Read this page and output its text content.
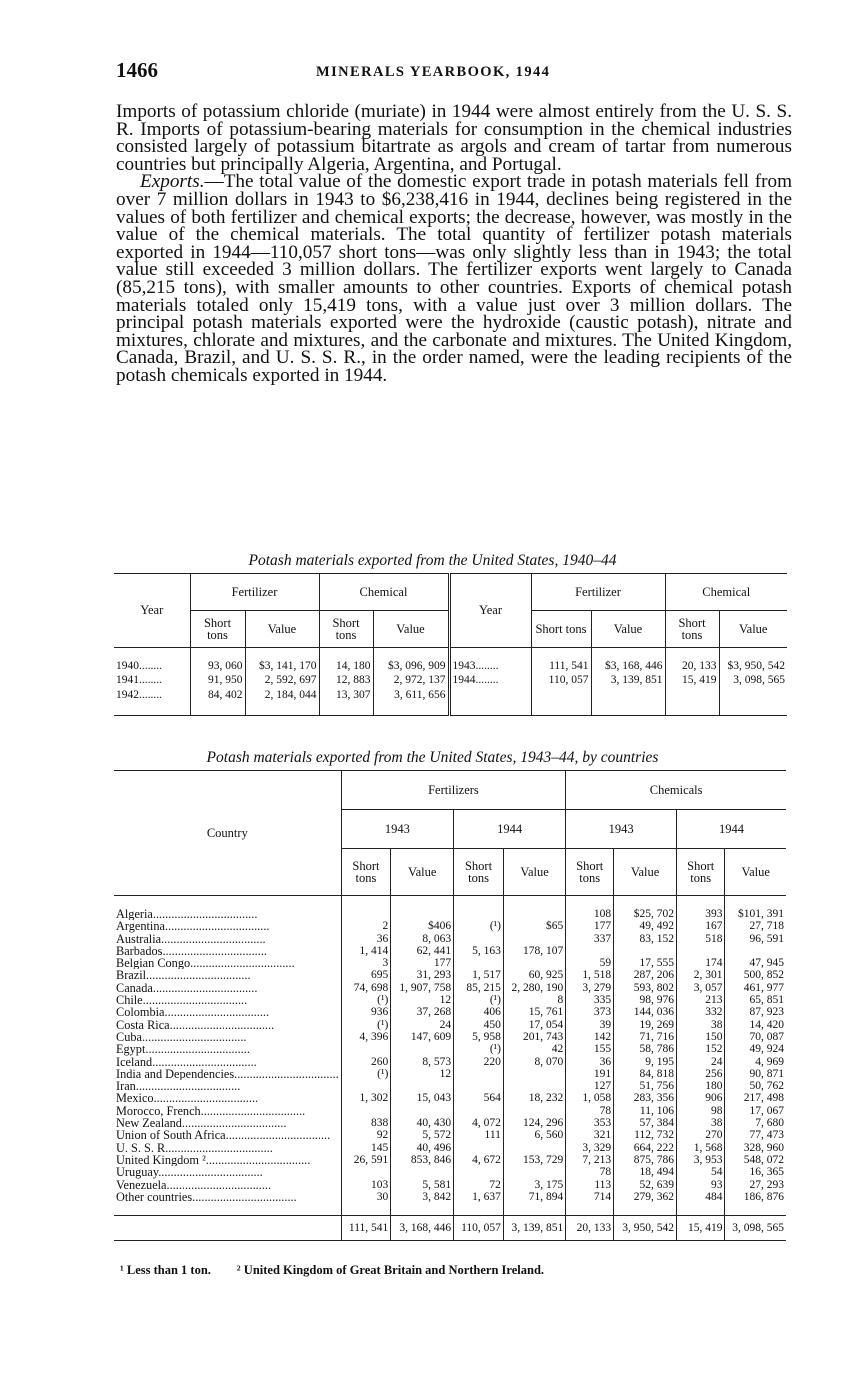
1466	MINERALS YEARBOOK, 1944

Imports of potassium chloride (muriate) in 1944 were almost entirely from the U. S. S. R. Imports of potassium-bearing materials for consumption in the chemical industries consisted largely of potassium bitartrate as argols and cream of tartar from numerous countries but principally Algeria, Argentina, and Portugal.

Exports.—The total value of the domestic export trade in potash materials fell from over 7 million dollars in 1943 to $6,238,416 in 1944, declines being registered in the values of both fertilizer and chemical exports; the decrease, however, was mostly in the value of the chemical materials. The total quantity of fertilizer potash materials exported in 1944—110,057 short tons—was only slightly less than in 1943; the total value still exceeded 3 million dollars. The fertilizer exports went largely to Canada (85,215 tons), with smaller amounts to other countries. Exports of chemical potash materials totaled only 15,419 tons, with a value just over 3 million dollars. The principal potash materials exported were the hydroxide (caustic potash), nitrate and mixtures, chlorate and mixtures, and the carbonate and mixtures. The United Kingdom, Canada, Brazil, and U. S. S. R., in the order named, were the leading recipients of the potash chemicals exported in 1944.

Potash materials exported from the United States, 1940–44
Year	Fertilizer		Chemical		Year	Fertilizer		Chemical	
	Short tons	Value	Short tons	Value		Short tons	Value	Short tons	Value

1940........	93, 060	$3, 141, 170	14, 180	$3, 096, 909	1943........	111, 541	$3, 168, 446	20, 133	$3, 950, 542
1941........	91, 950	2, 592, 697	12, 883	2, 972, 137	1944........	110, 057	3, 139, 851	15, 419	3, 098, 565
1942........	84, 402	2, 184, 044	13, 307	3, 611, 656					

Potash materials exported from the United States, 1943–44, by countries
Country	Fertilizers				Chemicals			
	1943		1944		1943		1944	
	Short tons	Value	Short tons	Value	Short tons	Value	Short tons	Value

Algeria..................................					108	$25, 702	393	$101, 391
Argentina..................................	2	$406	(¹)	$65	177	49, 492	167	27, 718
Australia..................................	36	8, 063			337	83, 152	518	96, 591
Barbados..................................	1, 414	62, 441	5, 163	178, 107				
Belgian Congo..................................	3	177			59	17, 555	174	47, 945
Brazil..................................	695	31, 293	1, 517	60, 925	1, 518	287, 206	2, 301	500, 852
Canada..................................	74, 698	1, 907, 758	85, 215	2, 280, 190	3, 279	593, 802	3, 057	461, 977
Chile..................................	(¹)	12	(¹)	8	335	98, 976	213	65, 851
Colombia..................................	936	37, 268	406	15, 761	373	144, 036	332	87, 923
Costa Rica..................................	(¹)	24	450	17, 054	39	19, 269	38	14, 420
Cuba..................................	4, 396	147, 609	5, 958	201, 743	142	71, 716	150	70, 087
Egypt..................................			(¹)	42	155	58, 786	152	49, 924
Iceland..................................	260	8, 573	220	8, 070	36	9, 195	24	4, 969
India and Dependencies..................................	(¹)	12			191	84, 818	256	90, 871
Iran..................................					127	51, 756	180	50, 762
Mexico..................................	1, 302	15, 043	564	18, 232	1, 058	283, 356	906	217, 498
Morocco, French..................................					78	11, 106	98	17, 067
New Zealand..................................	838	40, 430	4, 072	124, 296	353	57, 384	38	7, 680
Union of South Africa..................................	92	5, 572	111	6, 560	321	112, 732	270	77, 473
U. S. S. R...................................	145	40, 496			3, 329	664, 222	1, 568	328, 960
United Kingdom ²..................................	26, 591	853, 846	4, 672	153, 729	7, 213	875, 786	3, 953	548, 072
Uruguay..................................					78	18, 494	54	16, 365
Venezuela..................................	103	5, 581	72	3, 175	113	52, 639	93	27, 293
Other countries..................................	30	3, 842	1, 637	71, 894	714	279, 362	484	186, 876

	111, 541	3, 168, 446	110, 057	3, 139, 851	20, 133	3, 950, 542	15, 419	3, 098, 565
¹ Less than 1 ton. ² United Kingdom of Great Britain and Northern Ireland.
